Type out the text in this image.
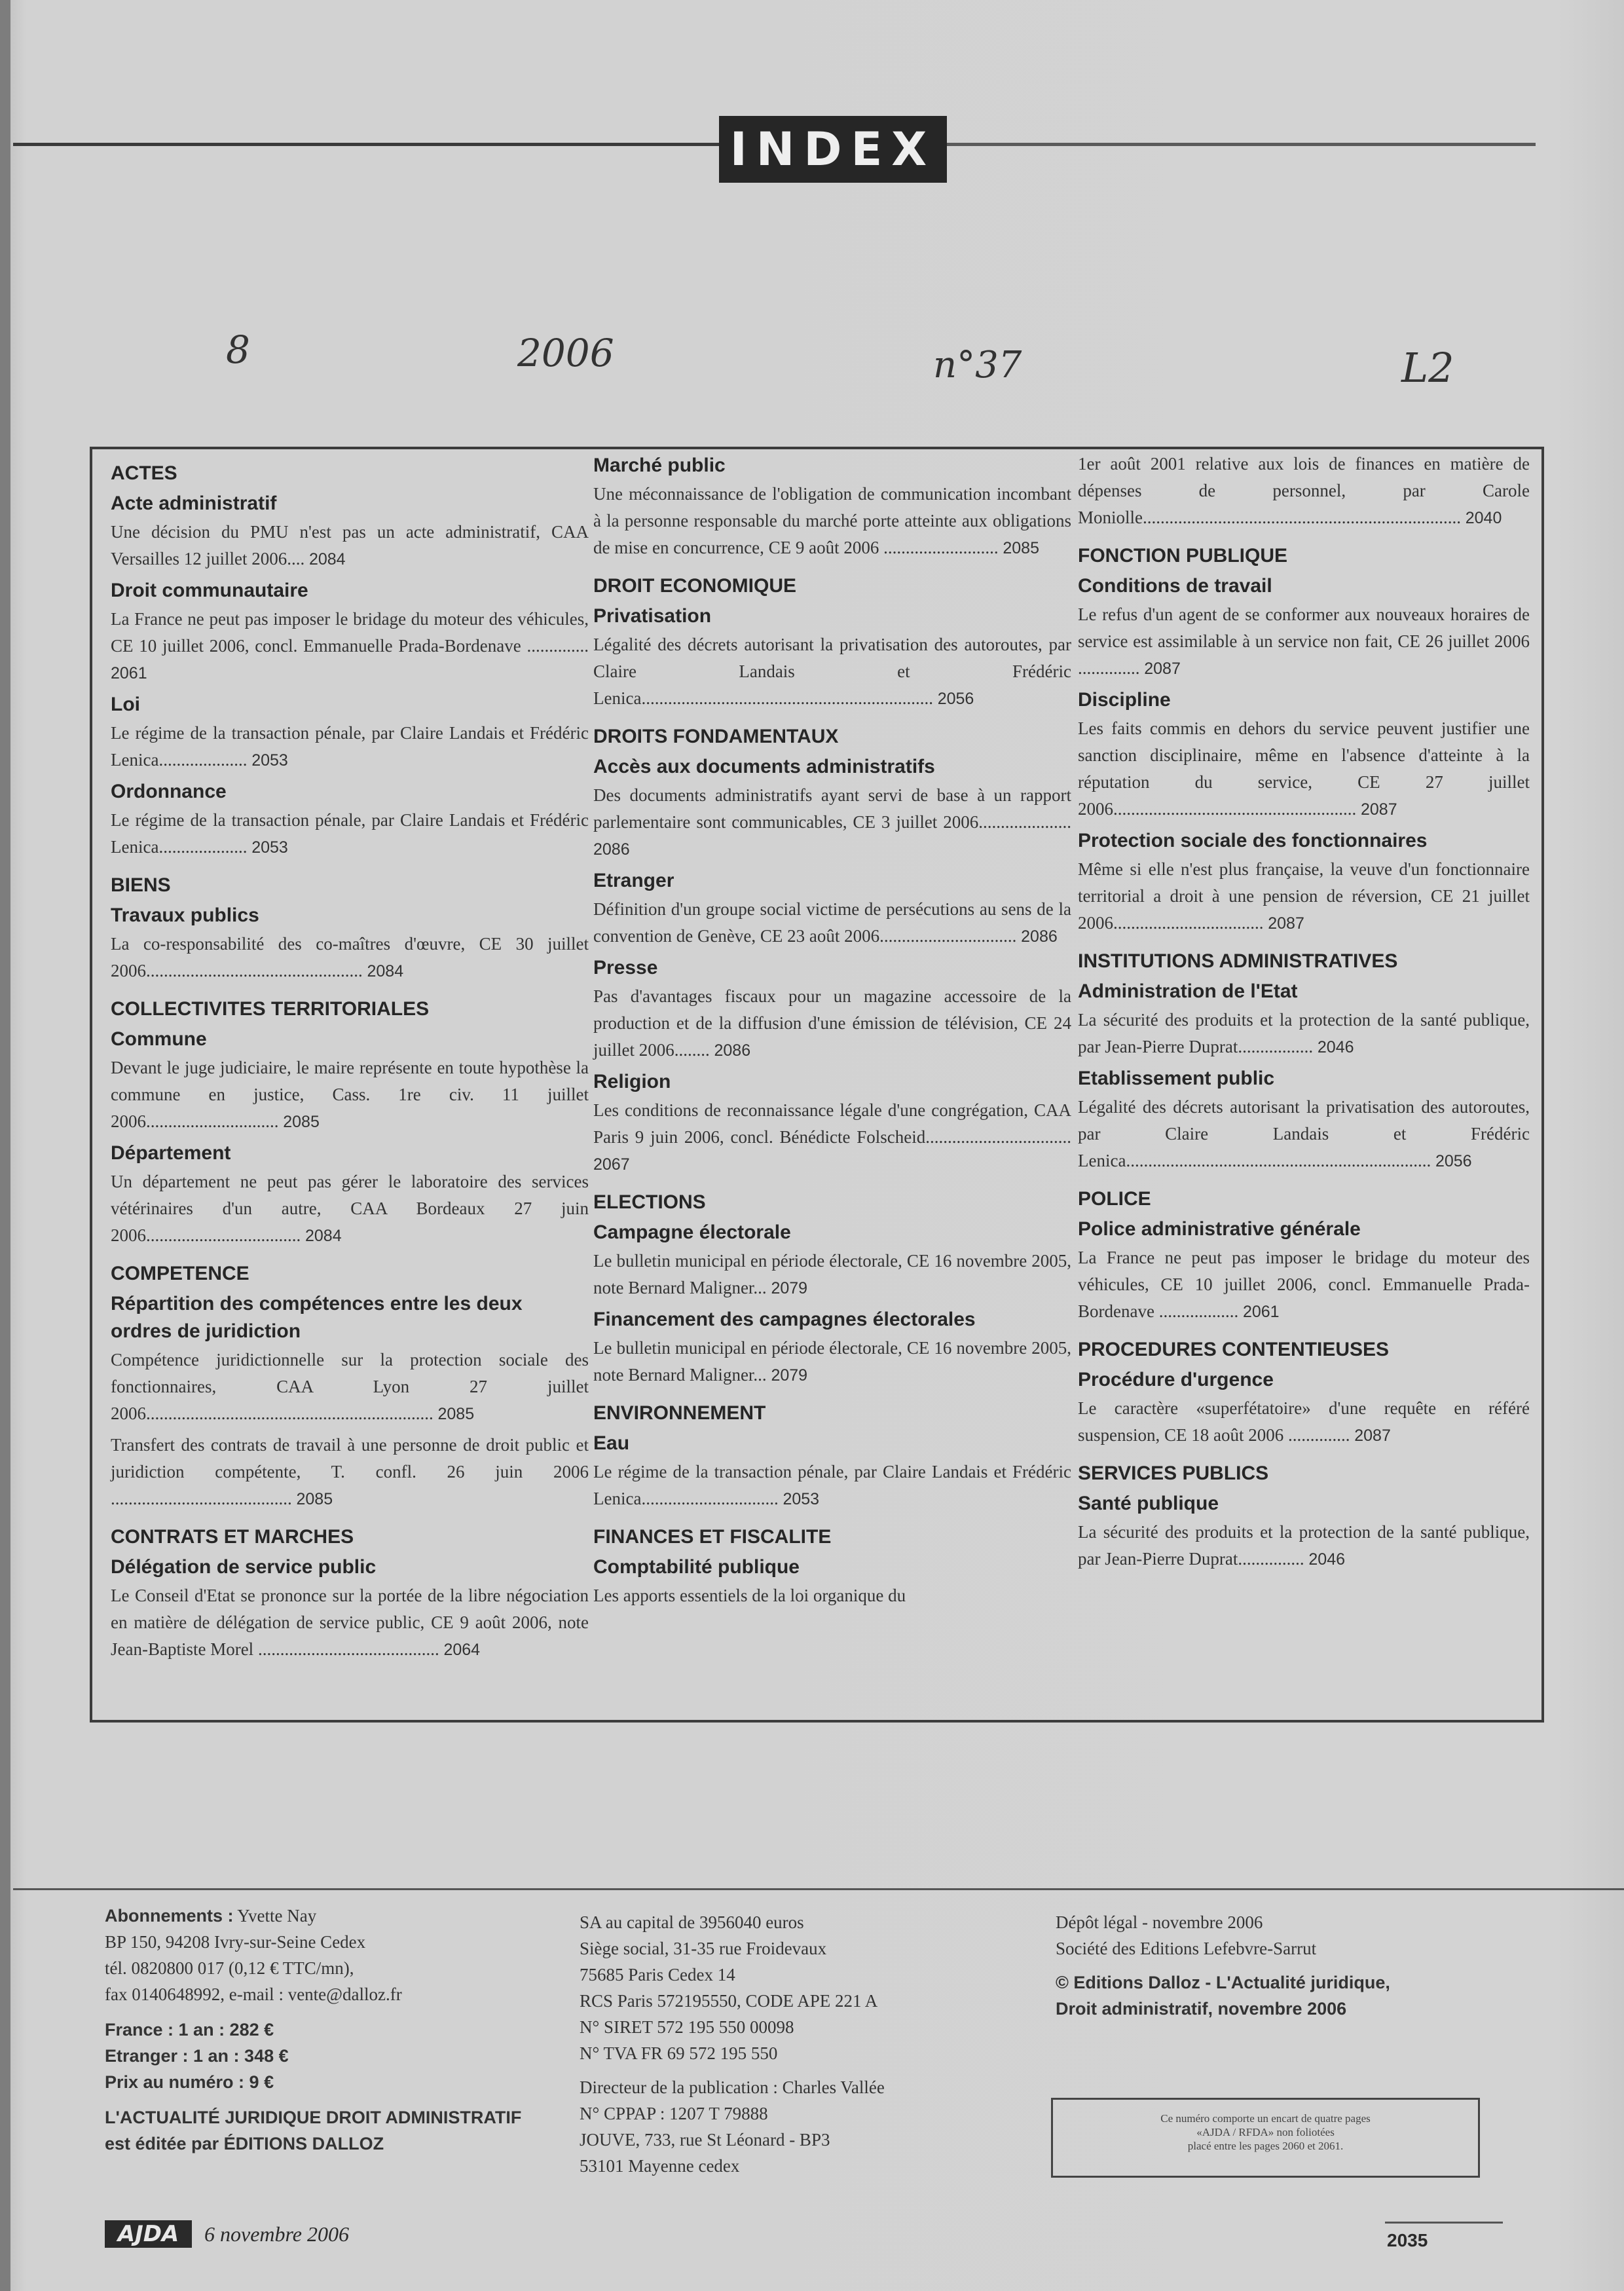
INDEX
8	2006	n°37	L2
ACTES
Acte administratif
Une décision du PMU n'est pas un acte administratif, CAA Versailles 12 juillet 2006.... 2084
Droit communautaire
La France ne peut pas imposer le bridage du moteur des véhicules, CE 10 juillet 2006, concl. Emmanuelle Prada-Bordenave .............. 2061
Loi
Le régime de la transaction pénale, par Claire Landais et Frédéric Lenica.................... 2053
Ordonnance
Le régime de la transaction pénale, par Claire Landais et Frédéric Lenica.................... 2053
BIENS
Travaux publics
La co-responsabilité des co-maîtres d'œuvre, CE 30 juillet 2006................................................. 2084
COLLECTIVITES TERRITORIALES
Commune
Devant le juge judiciaire, le maire représente en toute hypothèse la commune en justice, Cass. 1re civ. 11 juillet 2006.............................. 2085
Département
Un département ne peut pas gérer le laboratoire des services vétérinaires d'un autre, CAA Bordeaux 27 juin 2006................................... 2084
COMPETENCE
Répartition des compétences entre les deux ordres de juridiction
Compétence juridictionnelle sur la protection sociale des fonctionnaires, CAA Lyon 27 juillet 2006................................................................. 2085
Transfert des contrats de travail à une personne de droit public et juridiction compétente, T. confl. 26 juin 2006 ......................................... 2085
CONTRATS ET MARCHES
Délégation de service public
Le Conseil d'Etat se prononce sur la portée de la libre négociation en matière de délégation de service public, CE 9 août 2006, note Jean-Baptiste Morel ......................................... 2064
Marché public
Une méconnaissance de l'obligation de communication incombant à la personne responsable du marché porte atteinte aux obligations de mise en concurrence, CE 9 août 2006 .......................... 2085
DROIT ECONOMIQUE
Privatisation
Légalité des décrets autorisant la privatisation des autoroutes, par Claire Landais et Frédéric Lenica.................................................................. 2056
DROITS FONDAMENTAUX
Accès aux documents administratifs
Des documents administratifs ayant servi de base à un rapport parlementaire sont communicables, CE 3 juillet 2006..................... 2086
Etranger
Définition d'un groupe social victime de persécutions au sens de la convention de Genève, CE 23 août 2006............................... 2086
Presse
Pas d'avantages fiscaux pour un magazine accessoire de la production et de la diffusion d'une émission de télévision, CE 24 juillet 2006........ 2086
Religion
Les conditions de reconnaissance légale d'une congrégation, CAA Paris 9 juin 2006, concl. Bénédicte Folscheid................................. 2067
ELECTIONS
Campagne électorale
Le bulletin municipal en période électorale, CE 16 novembre 2005, note Bernard Maligner... 2079
Financement des campagnes électorales
Le bulletin municipal en période électorale, CE 16 novembre 2005, note Bernard Maligner... 2079
ENVIRONNEMENT
Eau
Le régime de la transaction pénale, par Claire Landais et Frédéric Lenica............................... 2053
FINANCES ET FISCALITE
Comptabilité publique
Les apports essentiels de la loi organique du
1er août 2001 relative aux lois de finances en matière de dépenses de personnel, par Carole Moniolle........................................................................ 2040
FONCTION PUBLIQUE
Conditions de travail
Le refus d'un agent de se conformer aux nouveaux horaires de service est assimilable à un service non fait, CE 26 juillet 2006 .............. 2087
Discipline
Les faits commis en dehors du service peuvent justifier une sanction disciplinaire, même en l'absence d'atteinte à la réputation du service, CE 27 juillet 2006....................................................... 2087
Protection sociale des fonctionnaires
Même si elle n'est plus française, la veuve d'un fonctionnaire territorial a droit à une pension de réversion, CE 21 juillet 2006.................................. 2087
INSTITUTIONS ADMINISTRATIVES
Administration de l'Etat
La sécurité des produits et la protection de la santé publique, par Jean-Pierre Duprat................. 2046
Etablissement public
Légalité des décrets autorisant la privatisation des autoroutes, par Claire Landais et Frédéric Lenica..................................................................... 2056
POLICE
Police administrative générale
La France ne peut pas imposer le bridage du moteur des véhicules, CE 10 juillet 2006, concl. Emmanuelle Prada-Bordenave .................. 2061
PROCEDURES CONTENTIEUSES
Procédure d'urgence
Le caractère «superfétatoire» d'une requête en référé suspension, CE 18 août 2006 .............. 2087
SERVICES PUBLICS
Santé publique
La sécurité des produits et la protection de la santé publique, par Jean-Pierre Duprat............... 2046
Abonnements : Yvette Nay
BP 150, 94208 Ivry-sur-Seine Cedex
tél. 0820800 017 (0,12 € TTC/mn),
fax 0140648992, e-mail : vente@dalloz.fr
France : 1 an : 282 €
Etranger : 1 an : 348 €
Prix au numéro : 9 €
L'ACTUALITÉ JURIDIQUE DROIT ADMINISTRATIF
est éditée par ÉDITIONS DALLOZ
SA au capital de 3956040 euros
Siège social, 31-35 rue Froidevaux
75685 Paris Cedex 14
RCS Paris 572195550, CODE APE 221 A
N° SIRET 572 195 550 00098
N° TVA FR 69 572 195 550
Directeur de la publication : Charles Vallée
N° CPPAP : 1207 T 79888
JOUVE, 733, rue St Léonard - BP3
53101 Mayenne cedex
Dépôt légal - novembre 2006
Société des Editions Lefebvre-Sarrut
© Editions Dalloz - L'Actualité juridique,
Droit administratif, novembre 2006
Ce numéro comporte un encart de quatre pages
«AJDA / RFDA» non foliotées
placé entre les pages 2060 et 2061.
AJDA	6 novembre 2006	2035
